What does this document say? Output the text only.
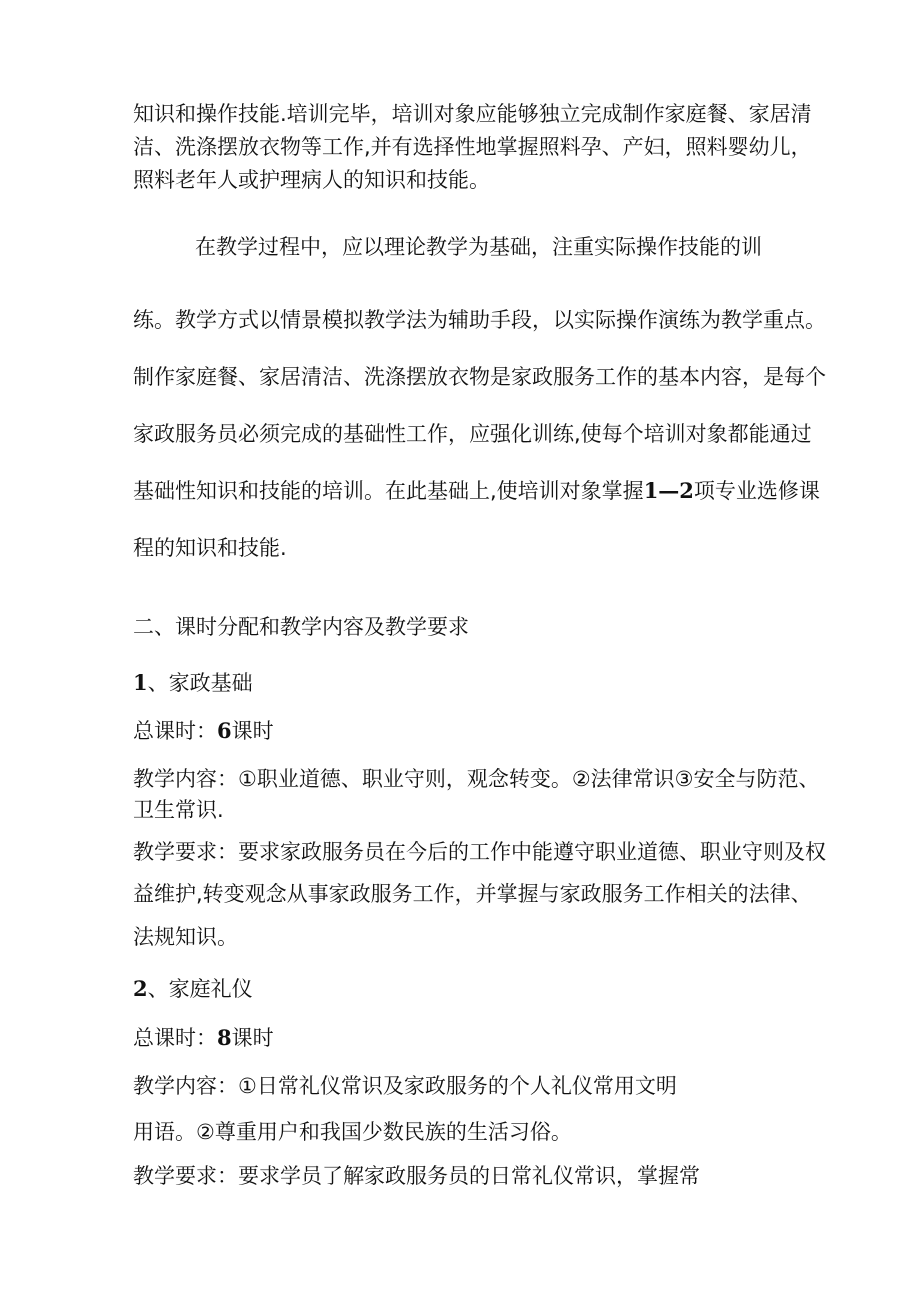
知识和操作技能.培训完毕，培训对象应能够独立完成制作家庭餐、家居清
洁、洗涤摆放衣物等工作,并有选择性地掌握照料孕、产妇，照料婴幼儿，
照料老年人或护理病人的知识和技能。
在教学过程中，应以理论教学为基础，注重实际操作技能的训
练。教学方式以情景模拟教学法为辅助手段，以实际操作演练为教学重点。
制作家庭餐、家居清洁、洗涤摆放衣物是家政服务工作的基本内容，是每个
家政服务员必须完成的基础性工作，应强化训练,使每个培训对象都能通过
基础性知识和技能的培训。在此基础上,使培训对象掌握1—2项专业选修课
程的知识和技能.
二、课时分配和教学内容及教学要求
1、家政基础
总课时：6课时
教学内容：①职业道德、职业守则，观念转变。②法律常识③安全与防范、
卫生常识.
教学要求：要求家政服务员在今后的工作中能遵守职业道德、职业守则及权
益维护,转变观念从事家政服务工作，并掌握与家政服务工作相关的法律、
法规知识。
2、家庭礼仪
总课时：8课时
教学内容：①日常礼仪常识及家政服务的个人礼仪常用文明
用语。②尊重用户和我国少数民族的生活习俗。
教学要求：要求学员了解家政服务员的日常礼仪常识，掌握常
